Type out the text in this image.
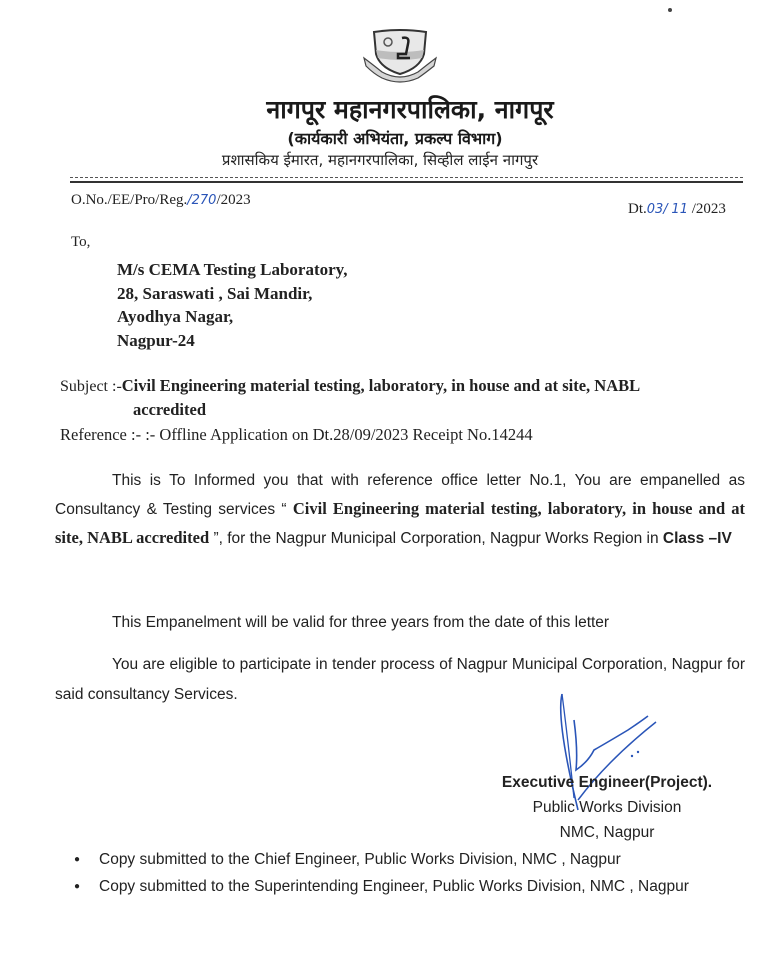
नागपूर महानगरपालिका, नागपूर
(कार्यकारी अभियंता, प्रकल्प विभाग)
प्रशासकिय ईमारत, महानगरपालिका, सिव्हील लाईन नागपुर
O.No./EE/Pro/Reg./270/2023
Dt.03/ 11 /2023
To,
M/s CEMA Testing Laboratory,
28, Saraswati , Sai Mandir,
Ayodhya Nagar,
Nagpur-24
Subject :-Civil Engineering material testing, laboratory, in house and at site, NABL
accredited
Reference :- :- Offline Application on Dt.28/09/2023 Receipt No.14244
This is To Informed you that with reference office letter No.1, You are empanelled as Consultancy & Testing services “ Civil Engineering material testing, laboratory, in house and at site, NABL accredited ”, for the Nagpur Municipal Corporation, Nagpur Works Region in Class –IV
This Empanelment will be valid for three years from the date of this letter
You are eligible to participate in tender process of Nagpur Municipal Corporation, Nagpur for said consultancy Services.
Executive Engineer(Project).
Public Works Division
NMC, Nagpur
● Copy submitted to the Chief Engineer, Public Works Division, NMC , Nagpur
● Copy submitted to the Superintending Engineer, Public Works Division, NMC , Nagpur
